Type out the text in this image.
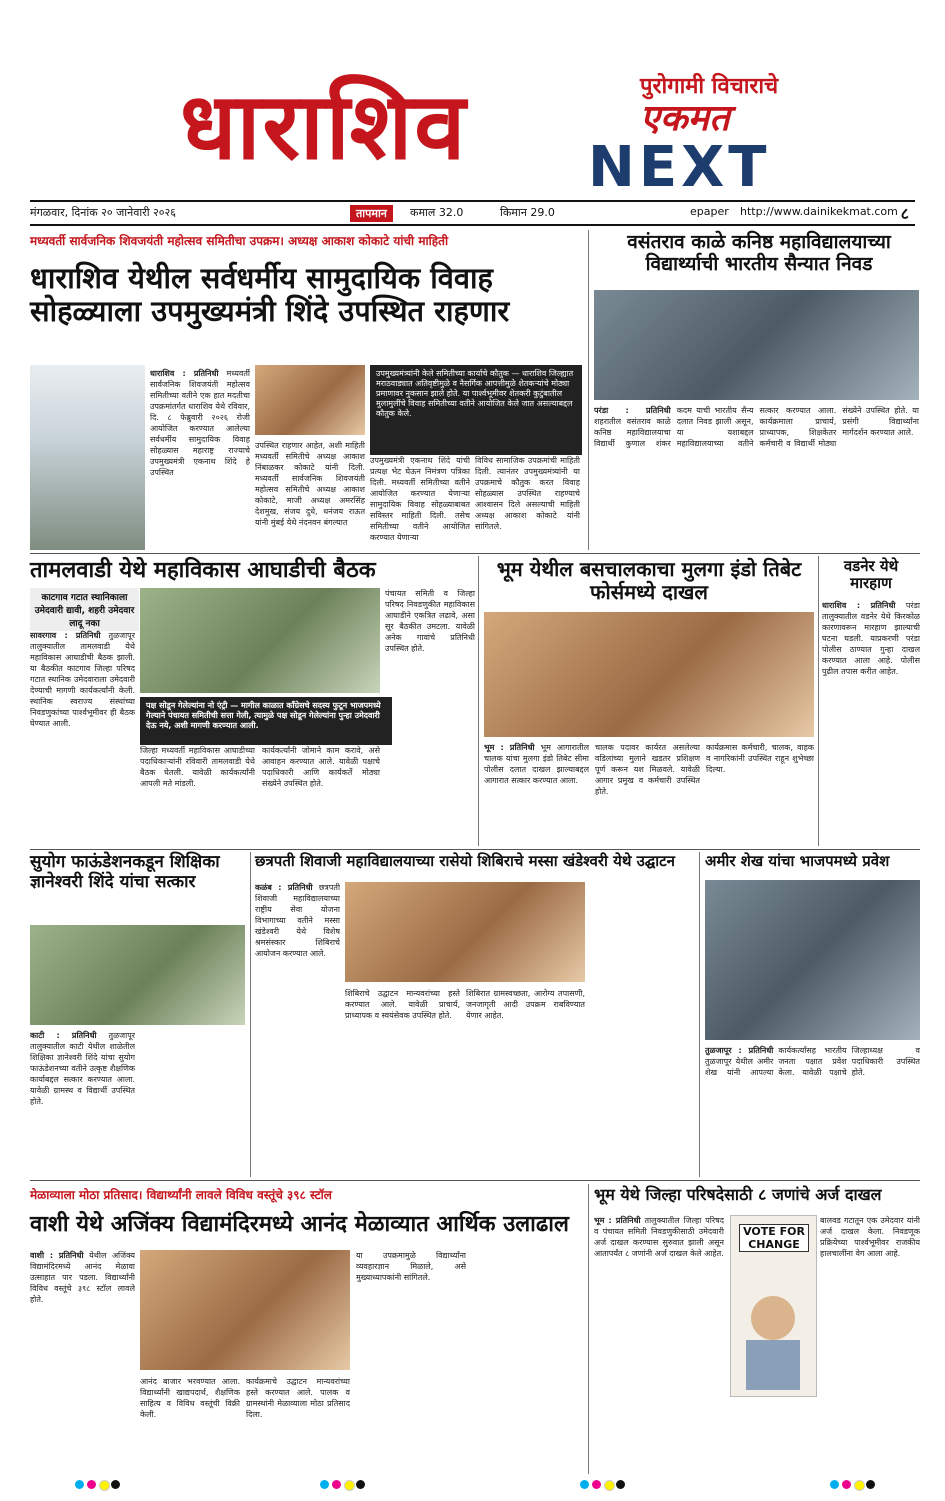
धाराशिव	पुरोगामी विचाराचे
एकमत
NEXT
मंगळवार, दिनांक २० जानेवारी २०२६	तापमान	कमाल 32.0	किमान 29.0	epaper http://www.dainikekmat.com ८
मध्यवर्ती सार्वजनिक शिवजयंती महोत्सव समितीचा उपक्रम। अध्यक्ष आकाश कोकाटे यांची माहिती
धाराशिव येथील सर्वधर्मीय सामुदायिक विवाह सोहळ्याला उपमुख्यमंत्री शिंदे उपस्थित राहणार
धाराशिव : प्रतिनिधी मध्यवर्ती सार्वजनिक शिवजयंती महोत्सव समितीच्या वतीने एक हात मदतीचा उपक्रमांतर्गत धाराशिव येथे रविवार, दि. ८ फेब्रुवारी २०२६ रोजी आयोजित करण्यात आलेल्या सर्वधर्मीय सामुदायिक विवाह सोहळ्यास महाराष्ट्र राज्याचे उपमुख्यमंत्री एकनाथ शिंदे हे उपस्थित
उपस्थित राहणार आहेत, अशी माहिती मध्यवर्ती समितीचे अध्यक्ष आकाश निंबाळकर कोकाटे यांनी दिली. मध्यवर्ती सार्वजनिक शिवजयंती महोत्सव समितीचे अध्यक्ष आकाश कोकाटे, माजी अध्यक्ष अमरसिंह देशमुख, संजय दुधे, धनंजय राऊत यांनी मुंबई येथे नंदनवन बंगल्यात
उपमुख्यमंत्र्यांनी केले समितीच्या कार्याचे कौतुक — धाराशिव जिल्ह्यात मराठवाड्यात अतिवृष्टीमुळे व नैसर्गिक आपत्तीमुळे शेतकऱ्यांचे मोठ्या प्रमाणावर नुकसान झाले होते. या पार्श्वभूमीवर शेतकरी कुटुंबातील मुलामुलींचे विवाह समितीच्या वतीने आयोजित केले जात असल्याबद्दल कौतुक केले.
उपमुख्यमंत्री एकनाथ शिंदे यांची प्रत्यक्ष भेट घेऊन निमंत्रण पत्रिका दिली. मध्यवर्ती समितीच्या वतीने आयोजित करण्यात येणाऱ्या सामुदायिक विवाह सोहळ्याबाबत सविस्तर माहिती दिली. तसेच समितीच्या वतीने आयोजित करण्यात येणाऱ्या
विविध सामाजिक उपक्रमांची माहिती दिली. त्यानंतर उपमुख्यमंत्र्यांनी या उपक्रमाचे कौतुक करत विवाह सोहळ्यास उपस्थित राहण्याचे आश्वासन दिले असल्याची माहिती अध्यक्ष आकाश कोकाटे यांनी सांगितले.
वसंतराव काळे कनिष्ठ महाविद्यालयाच्या विद्यार्थ्याची भारतीय सैन्यात निवड
परंडा : प्रतिनिधी शहरातील वसंतराव काळे कनिष्ठ महाविद्यालयाचा विद्यार्थी कुणाल शंकर कदम याची भारतीय सैन्य दलात निवड झाली असून, या यशाबद्दल महाविद्यालयाच्या वतीने सत्कार करण्यात आला. कार्यक्रमाला प्राचार्य, प्राध्यापक, शिक्षकेतर कर्मचारी व विद्यार्थी मोठ्या संख्येने उपस्थित होते. या प्रसंगी विद्यार्थ्यांना मार्गदर्शन करण्यात आले.
तामलवाडी येथे महाविकास आघाडीची बैठक
काटगाव गटात स्थानिकाला उमेदवारी द्यावी, शहरी उमेदवार लादू नका
सावरगाव : प्रतिनिधी तुळजापूर तालुक्यातील तामलवाडी येथे महाविकास आघाडीची बैठक झाली. या बैठकीत काटगाव जिल्हा परिषद गटात स्थानिक उमेदवाराला उमेदवारी देण्याची मागणी कार्यकर्त्यांनी केली. स्थानिक स्वराज्य संस्थांच्या निवडणुकांच्या पार्श्वभूमीवर ही बैठक घेण्यात आली.
पक्ष सोडून गेलेल्यांना नो एंट्री — मागील काळात काँग्रेसचे सदस्य फुटून भाजपमध्ये गेल्याने पंचायत समितीची सत्ता गेली, त्यामुळे पक्ष सोडून गेलेल्यांना पुन्हा उमेदवारी देऊ नये, अशी मागणी करण्यात आली.
जिल्हा मध्यवर्ती महाविकास आघाडीच्या पदाधिकाऱ्यांनी रविवारी तामलवाडी येथे बैठक घेतली. यावेळी कार्यकर्त्यांनी आपली मते मांडली.
कार्यकर्त्यांनी जोमाने काम करावे, असे आवाहन करण्यात आले. यावेळी पक्षाचे पदाधिकारी आणि कार्यकर्ते मोठ्या संख्येने उपस्थित होते.
पंचायत समिती व जिल्हा परिषद निवडणुकीत महाविकास आघाडीने एकत्रित लढावे, असा सूर बैठकीत उमटला. यावेळी अनेक गावांचे प्रतिनिधी उपस्थित होते.
भूम येथील बसचालकाचा मुलगा इंडो तिबेट फोर्समध्ये दाखल
भूम : प्रतिनिधी भूम आगारातील चालक यांचा मुलगा इंडो तिबेट सीमा पोलीस दलात दाखल झाल्याबद्दल आगारात सत्कार करण्यात आला.
चालक पदावर कार्यरत असलेल्या वडिलांच्या मुलाने खडतर प्रशिक्षण पूर्ण करून यश मिळवले. यावेळी आगार प्रमुख व कर्मचारी उपस्थित होते.
कार्यक्रमास कर्मचारी, चालक, वाहक व नागरिकांनी उपस्थित राहून शुभेच्छा दिल्या.
वडनेर येथे मारहाण
धाराशिव : प्रतिनिधी परंडा तालुक्यातील वडनेर येथे किरकोळ कारणावरून मारहाण झाल्याची घटना घडली. याप्रकरणी परंडा पोलीस ठाण्यात गुन्हा दाखल करण्यात आला आहे. पोलीस पुढील तपास करीत आहेत.
सुयोग फाऊंडेशनकडून शिक्षिका ज्ञानेश्वरी शिंदे यांचा सत्कार
काटी : प्रतिनिधी तुळजापूर तालुक्यातील काटी येथील शाळेतील शिक्षिका ज्ञानेश्वरी शिंदे यांचा सुयोग फाऊंडेशनच्या वतीने उत्कृष्ट शैक्षणिक कार्याबद्दल सत्कार करण्यात आला. यावेळी ग्रामस्थ व विद्यार्थी उपस्थित होते.
छत्रपती शिवाजी महाविद्यालयाच्या रासेयो शिबिराचे मस्सा खंडेश्वरी येथे उद्घाटन
कळंब : प्रतिनिधी छत्रपती शिवाजी महाविद्यालयाच्या राष्ट्रीय सेवा योजना विभागाच्या वतीने मस्सा खंडेश्वरी येथे विशेष श्रमसंस्कार शिबिराचे आयोजन करण्यात आले.
शिबिराचे उद्घाटन मान्यवरांच्या हस्ते करण्यात आले. यावेळी प्राचार्य, प्राध्यापक व स्वयंसेवक उपस्थित होते.
शिबिरात ग्रामस्वच्छता, आरोग्य तपासणी, जनजागृती आदी उपक्रम राबविण्यात येणार आहेत.
अमीर शेख यांचा भाजपमध्ये प्रवेश
तुळजापूर : प्रतिनिधी तुळजापूर येथील अमीर शेख यांनी आपल्या कार्यकर्त्यांसह भारतीय जनता पक्षात प्रवेश केला. यावेळी पक्षाचे जिल्हाध्यक्ष व पदाधिकारी उपस्थित होते.
मेळाव्याला मोठा प्रतिसाद। विद्यार्थ्यांनी लावले विविध वस्तूंचे ३९८ स्टॉल
वाशी येथे अजिंक्य विद्यामंदिरमध्ये आनंद मेळाव्यात आर्थिक उलाढाल
वाशी : प्रतिनिधी येथील अजिंक्य विद्यामंदिरमध्ये आनंद मेळावा उत्साहात पार पडला. विद्यार्थ्यांनी विविध वस्तूंचे ३९८ स्टॉल लावले होते.
आनंद बाजार भरवण्यात आला. विद्यार्थ्यांनी खाद्यपदार्थ, शैक्षणिक साहित्य व विविध वस्तूंची विक्री केली.
कार्यक्रमाचे उद्घाटन मान्यवरांच्या हस्ते करण्यात आले. पालक व ग्रामस्थांनी मेळाव्याला मोठा प्रतिसाद दिला.
या उपक्रमामुळे विद्यार्थ्यांना व्यवहारज्ञान मिळाले, असे मुख्याध्यापकांनी सांगितले.
भूम येथे जिल्हा परिषदेसाठी ८ जणांचे अर्ज दाखल
भूम : प्रतिनिधी तालुक्यातील जिल्हा परिषद व पंचायत समिती निवडणुकीसाठी उमेदवारी अर्ज दाखल करण्यास सुरुवात झाली असून आतापर्यंत ८ जणांनी अर्ज दाखल केले आहेत.
VOTE FOR CHANGE
बालवड गटातून एक उमेदवार यांनी अर्ज दाखल केला. निवडणूक प्रक्रियेच्या पार्श्वभूमीवर राजकीय हालचालींना वेग आला आहे.
